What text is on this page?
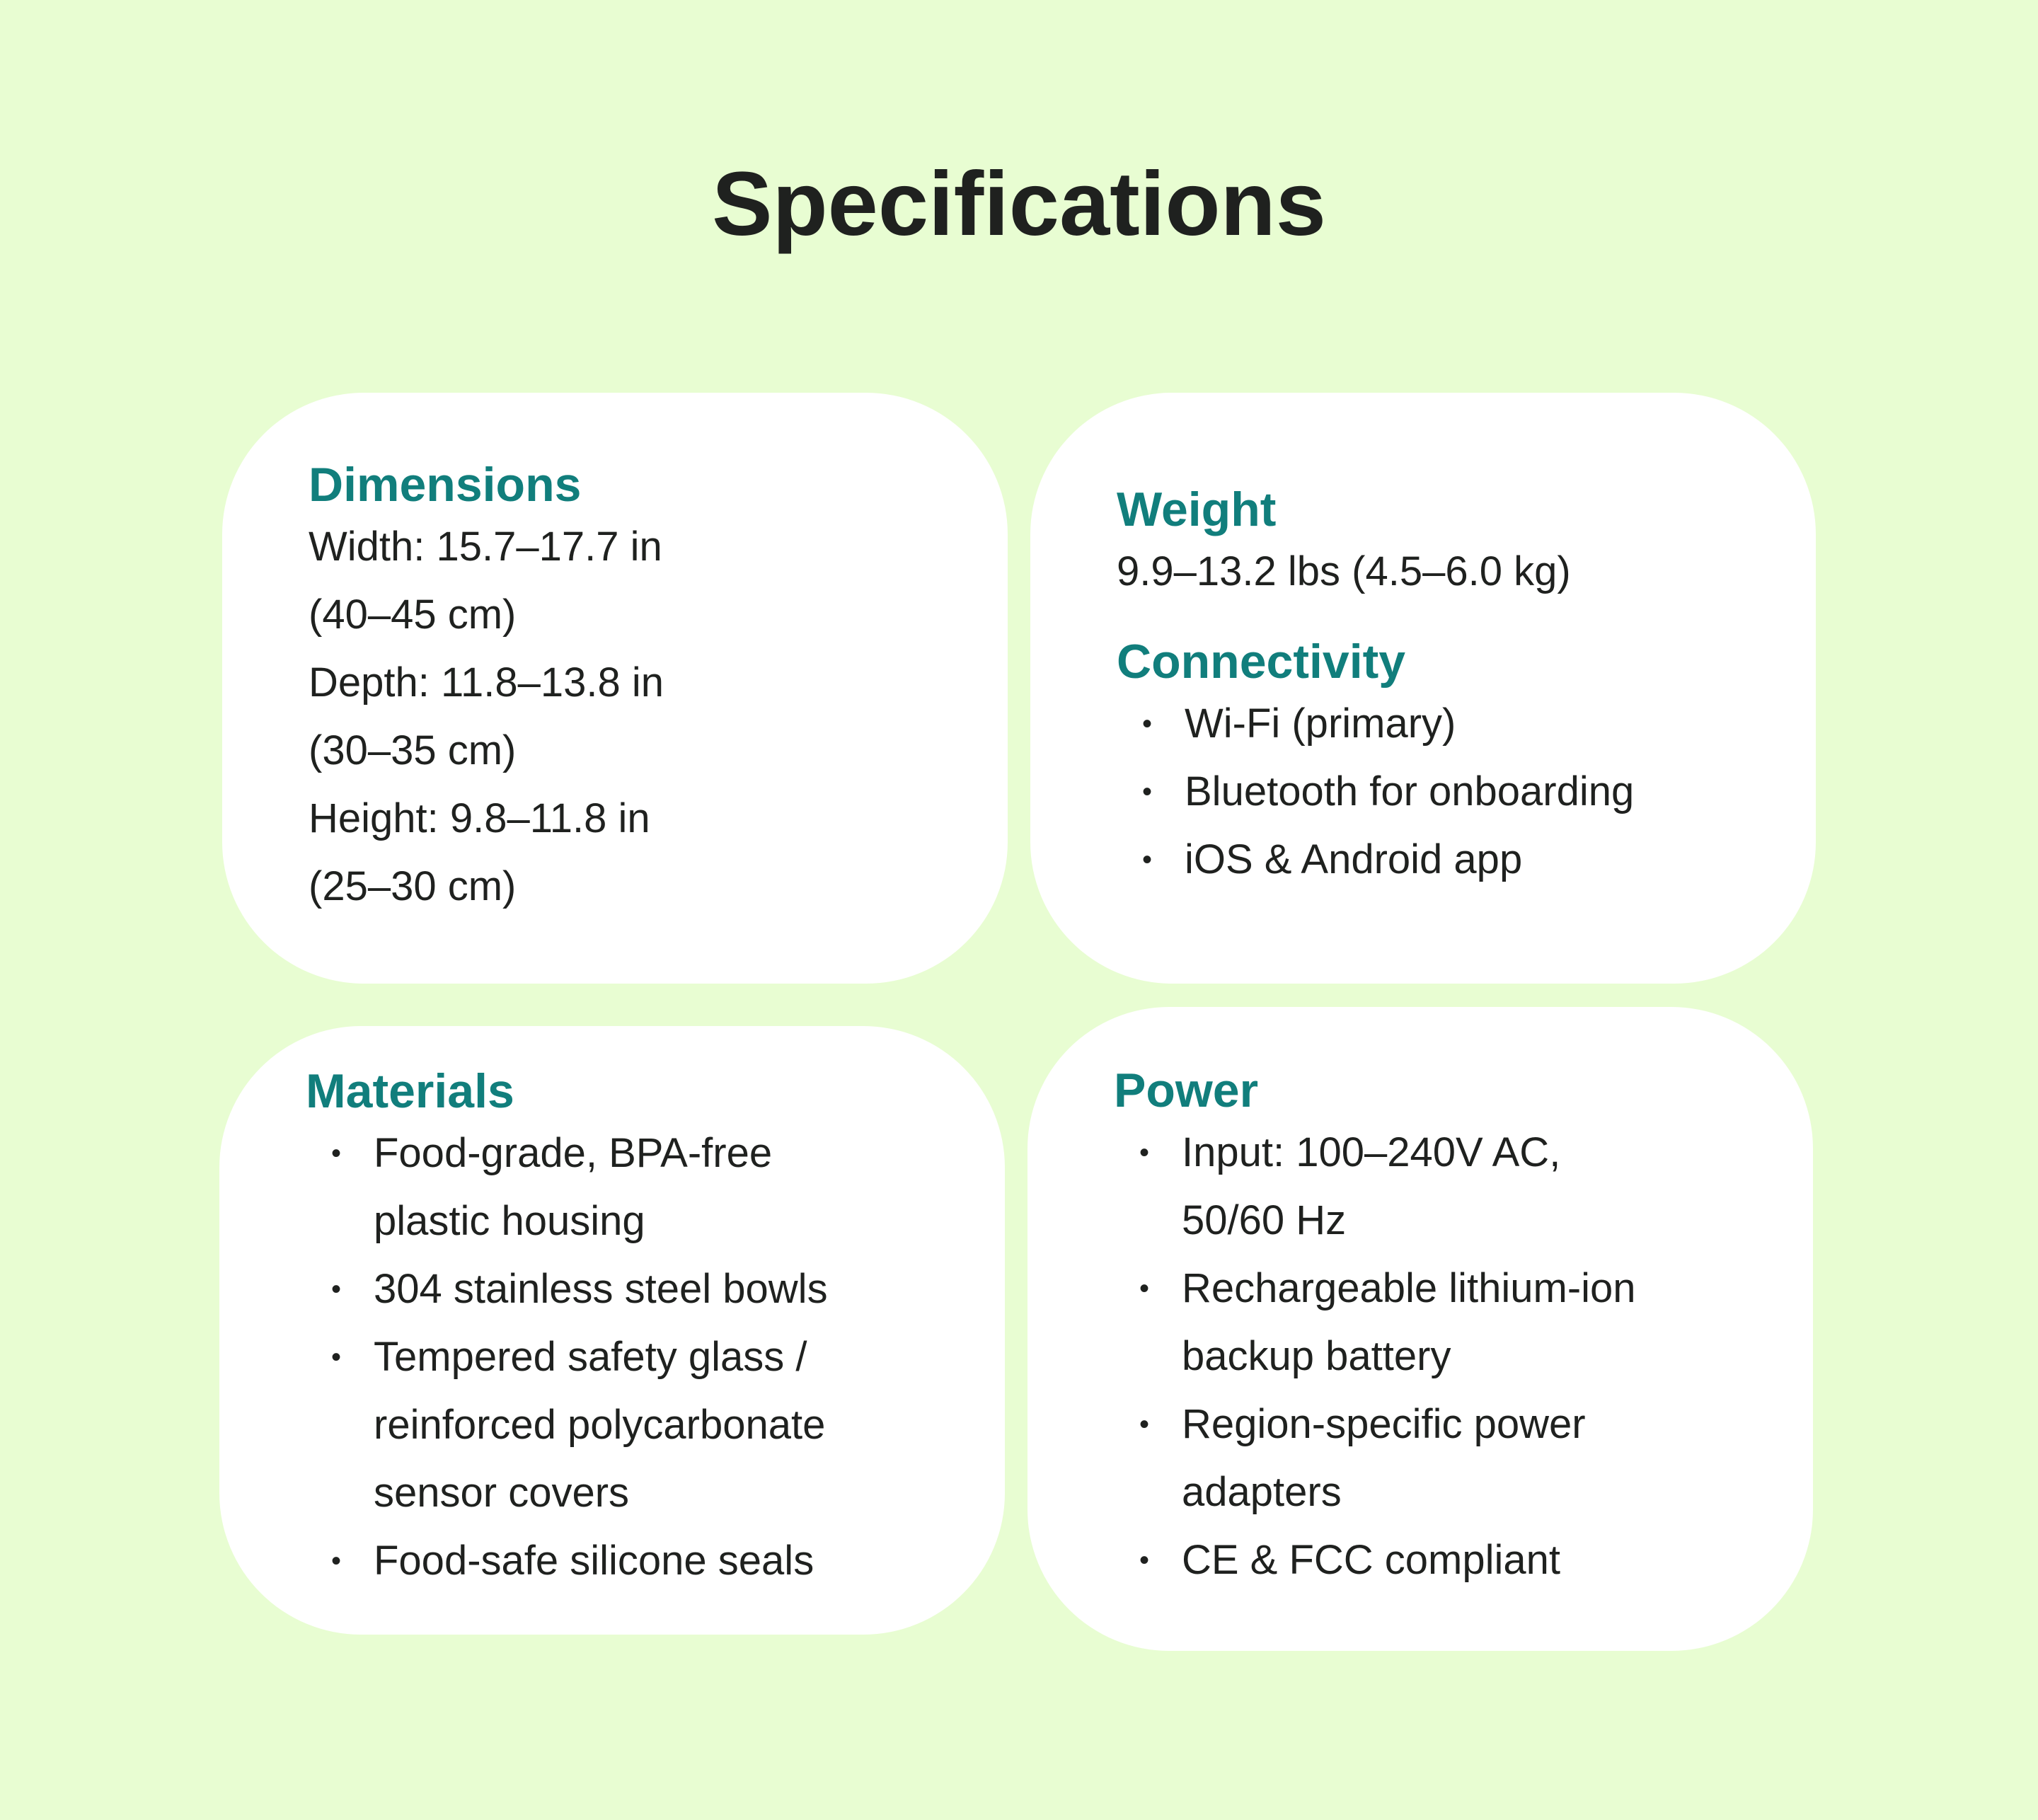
Specifications
Dimensions

Width: 15.7–17.7 in

(40–45 cm)

Depth: 11.8–13.8 in

(30–35 cm)

Height: 9.8–11.8 in

(25–30 cm)

Weight

9.9–13.2 lbs (4.5–6.0 kg)

Connectivity
• Wi-Fi (primary)
• Bluetooth for onboarding
• iOS & Android app
Materials
• Food-grade, BPA-free
plastic housing
• 304 stainless steel bowls
• Tempered safety glass /
reinforced polycarbonate
sensor covers
• Food-safe silicone seals
Power
• Input: 100–240V AC,
50/60 Hz
• Rechargeable lithium-ion
backup battery
• Region-specific power
adapters
• CE & FCC compliant
